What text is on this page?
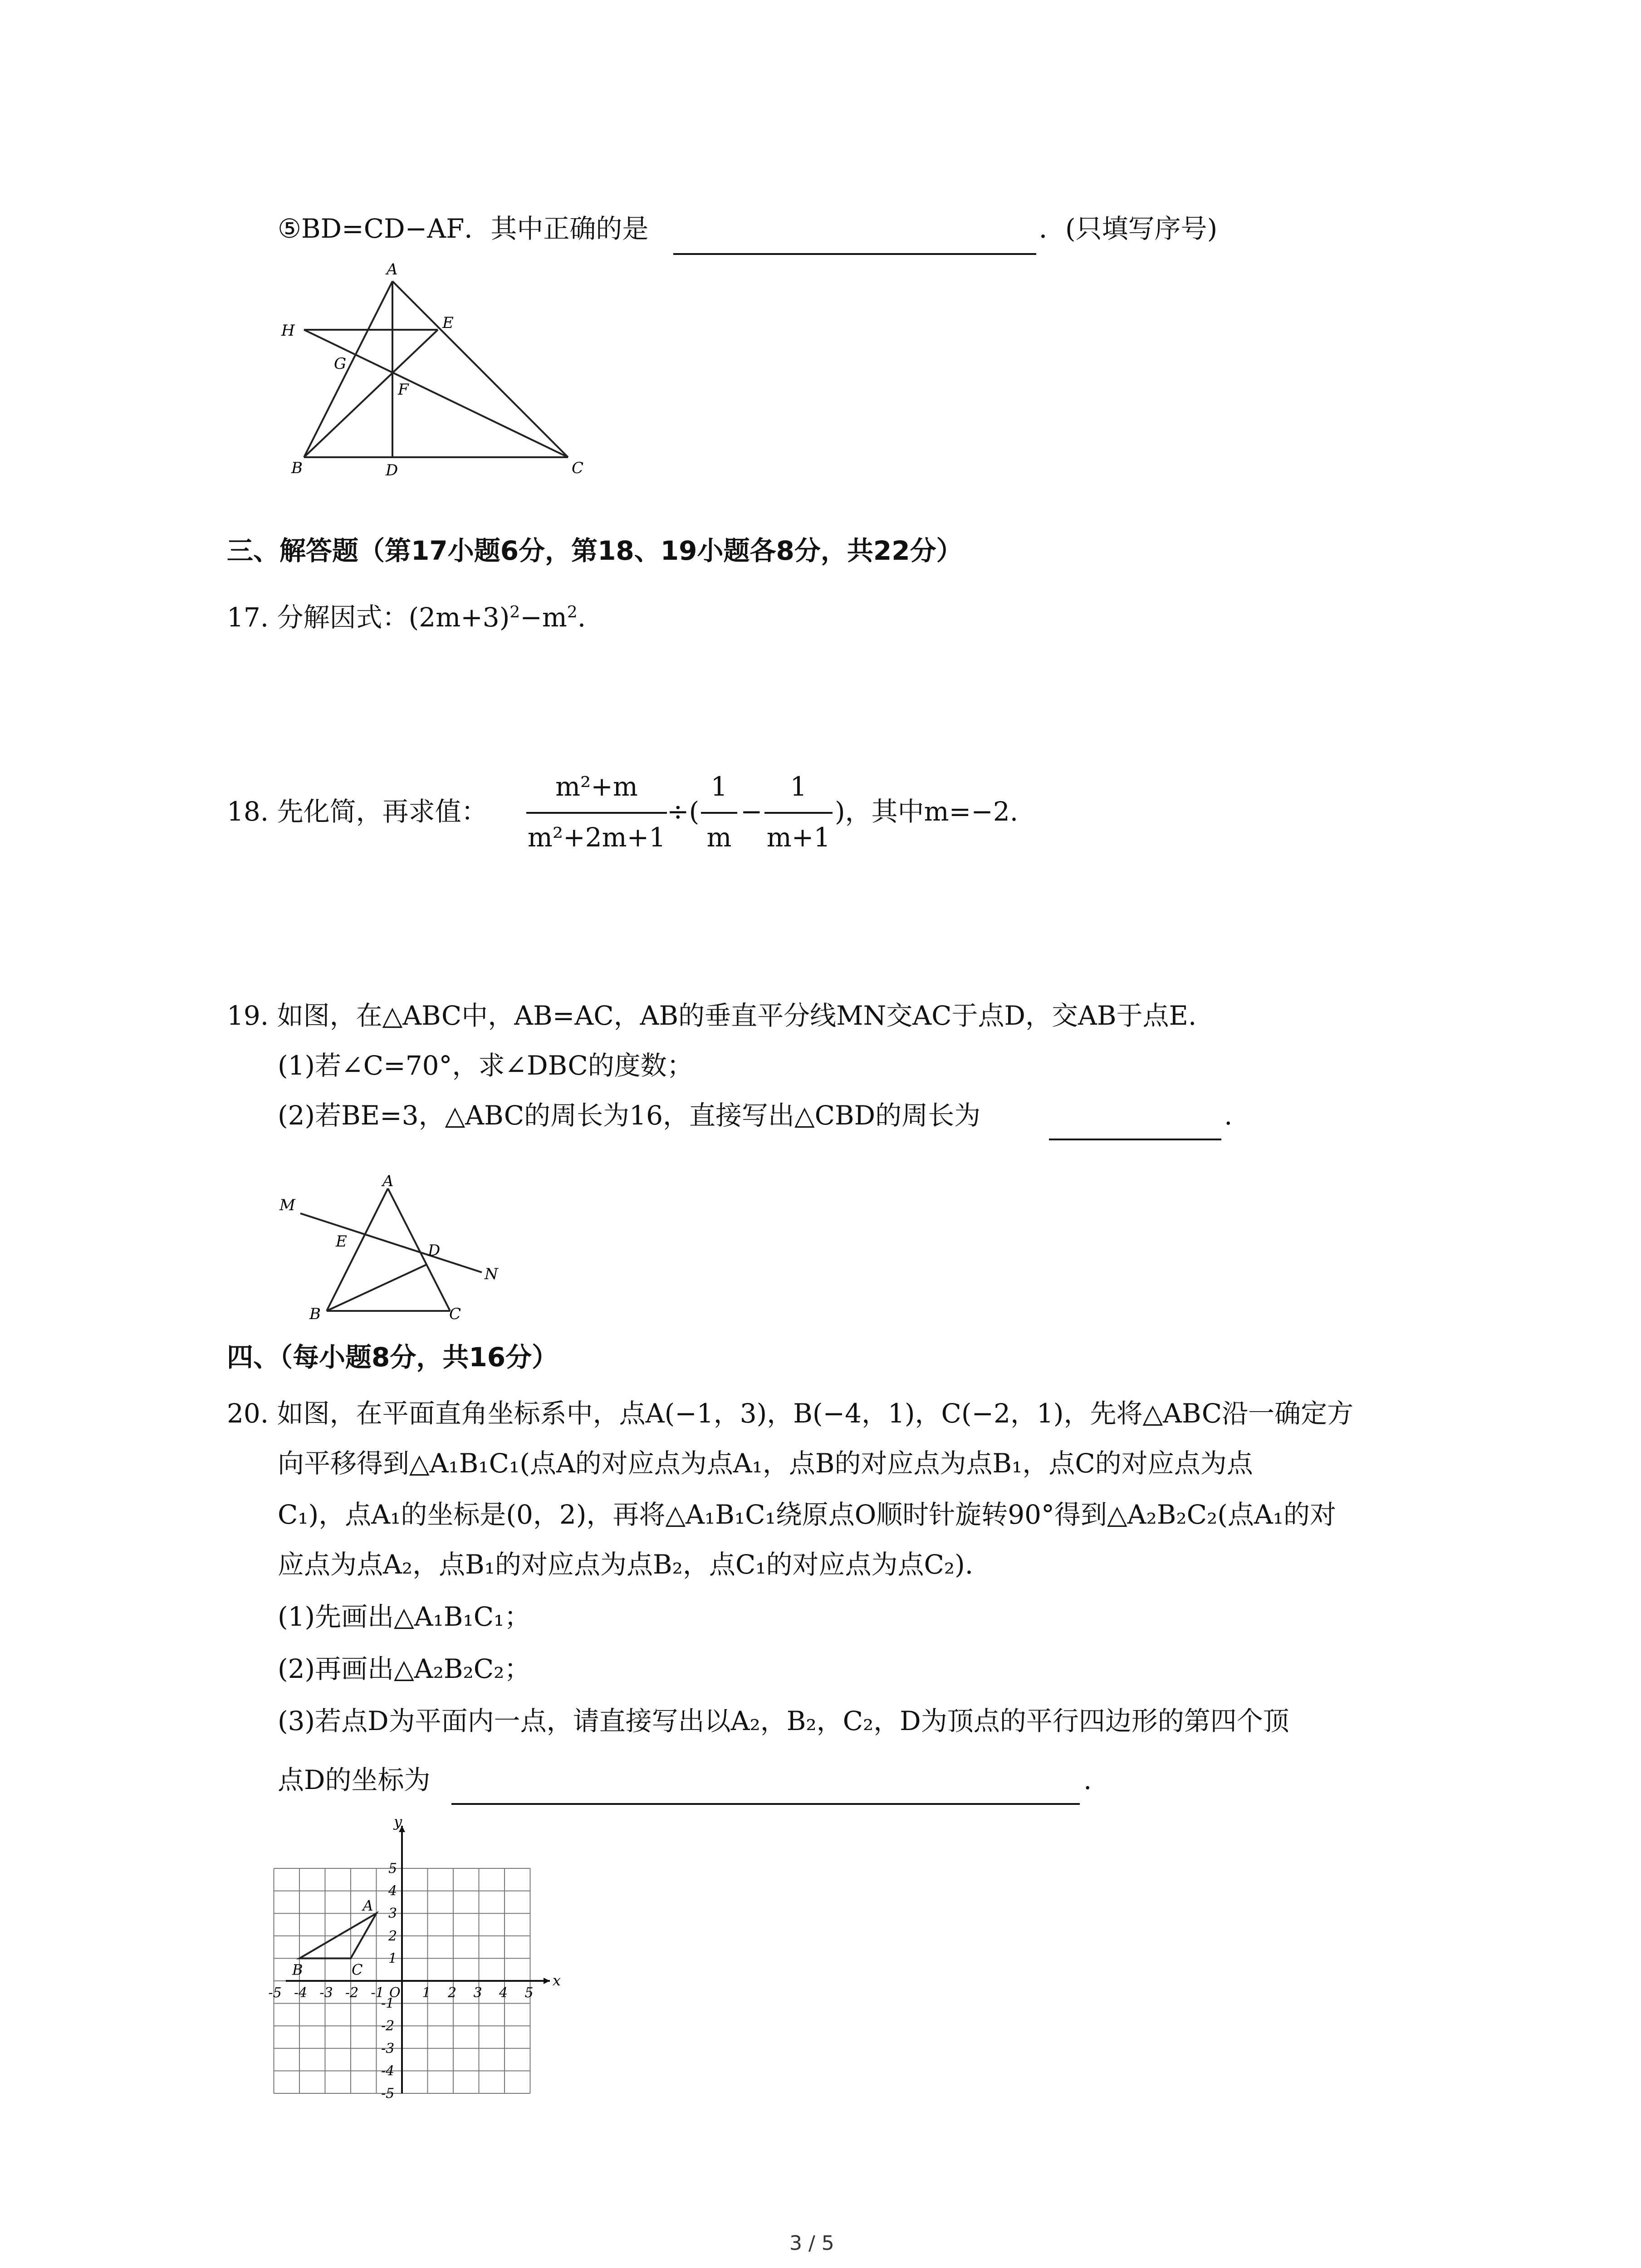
⑤BD=CD−AF．其中正确的是	．(只填写序号)
A
H	E
G
F
B	D	C
三、解答题（第17小题6分，第18、19小题各8分，共22分）
17. 分解因式：$(2m+3)^2-m^2$.
18. 先化简，再求值：
m²+m
m²+2m+1
÷(
1
m
−
1
m+1
)，其中m=−2.
19. 如图，在△ABC中，AB=AC，AB的垂直平分线MN交AC于点D，交AB于点E.
(1)若∠C=70°，求∠DBC的度数；
(2)若BE=3，△ABC的周长为16，直接写出△CBD的周长为	.
A
M
E	D
N
B	C
四、（每小题8分，共16分）
20. 如图，在平面直角坐标系中，点A(−1，3)，B(−4，1)，C(−2，1)，先将△ABC沿一确定方
向平移得到△A₁B₁C₁(点A的对应点为点A₁，点B的对应点为点B₁，点C的对应点为点
C₁)，点A₁的坐标是(0，2)，再将△A₁B₁C₁绕原点O顺时针旋转90°得到△A₂B₂C₂(点A₁的对
应点为点A₂，点B₁的对应点为点B₂，点C₁的对应点为点C₂).
(1)先画出△A₁B₁C₁；
(2)再画出△A₂B₂C₂；
(3)若点D为平面内一点，请直接写出以A₂，B₂，C₂，D为顶点的平行四边形的第四个顶
点D的坐标为	.
-5 -4 -3 -2 -1	1 2 3 4 5
5
4
3
2
1
-1
-2
-3
-4
-5
A
B	C
x
y
O
3 / 5
